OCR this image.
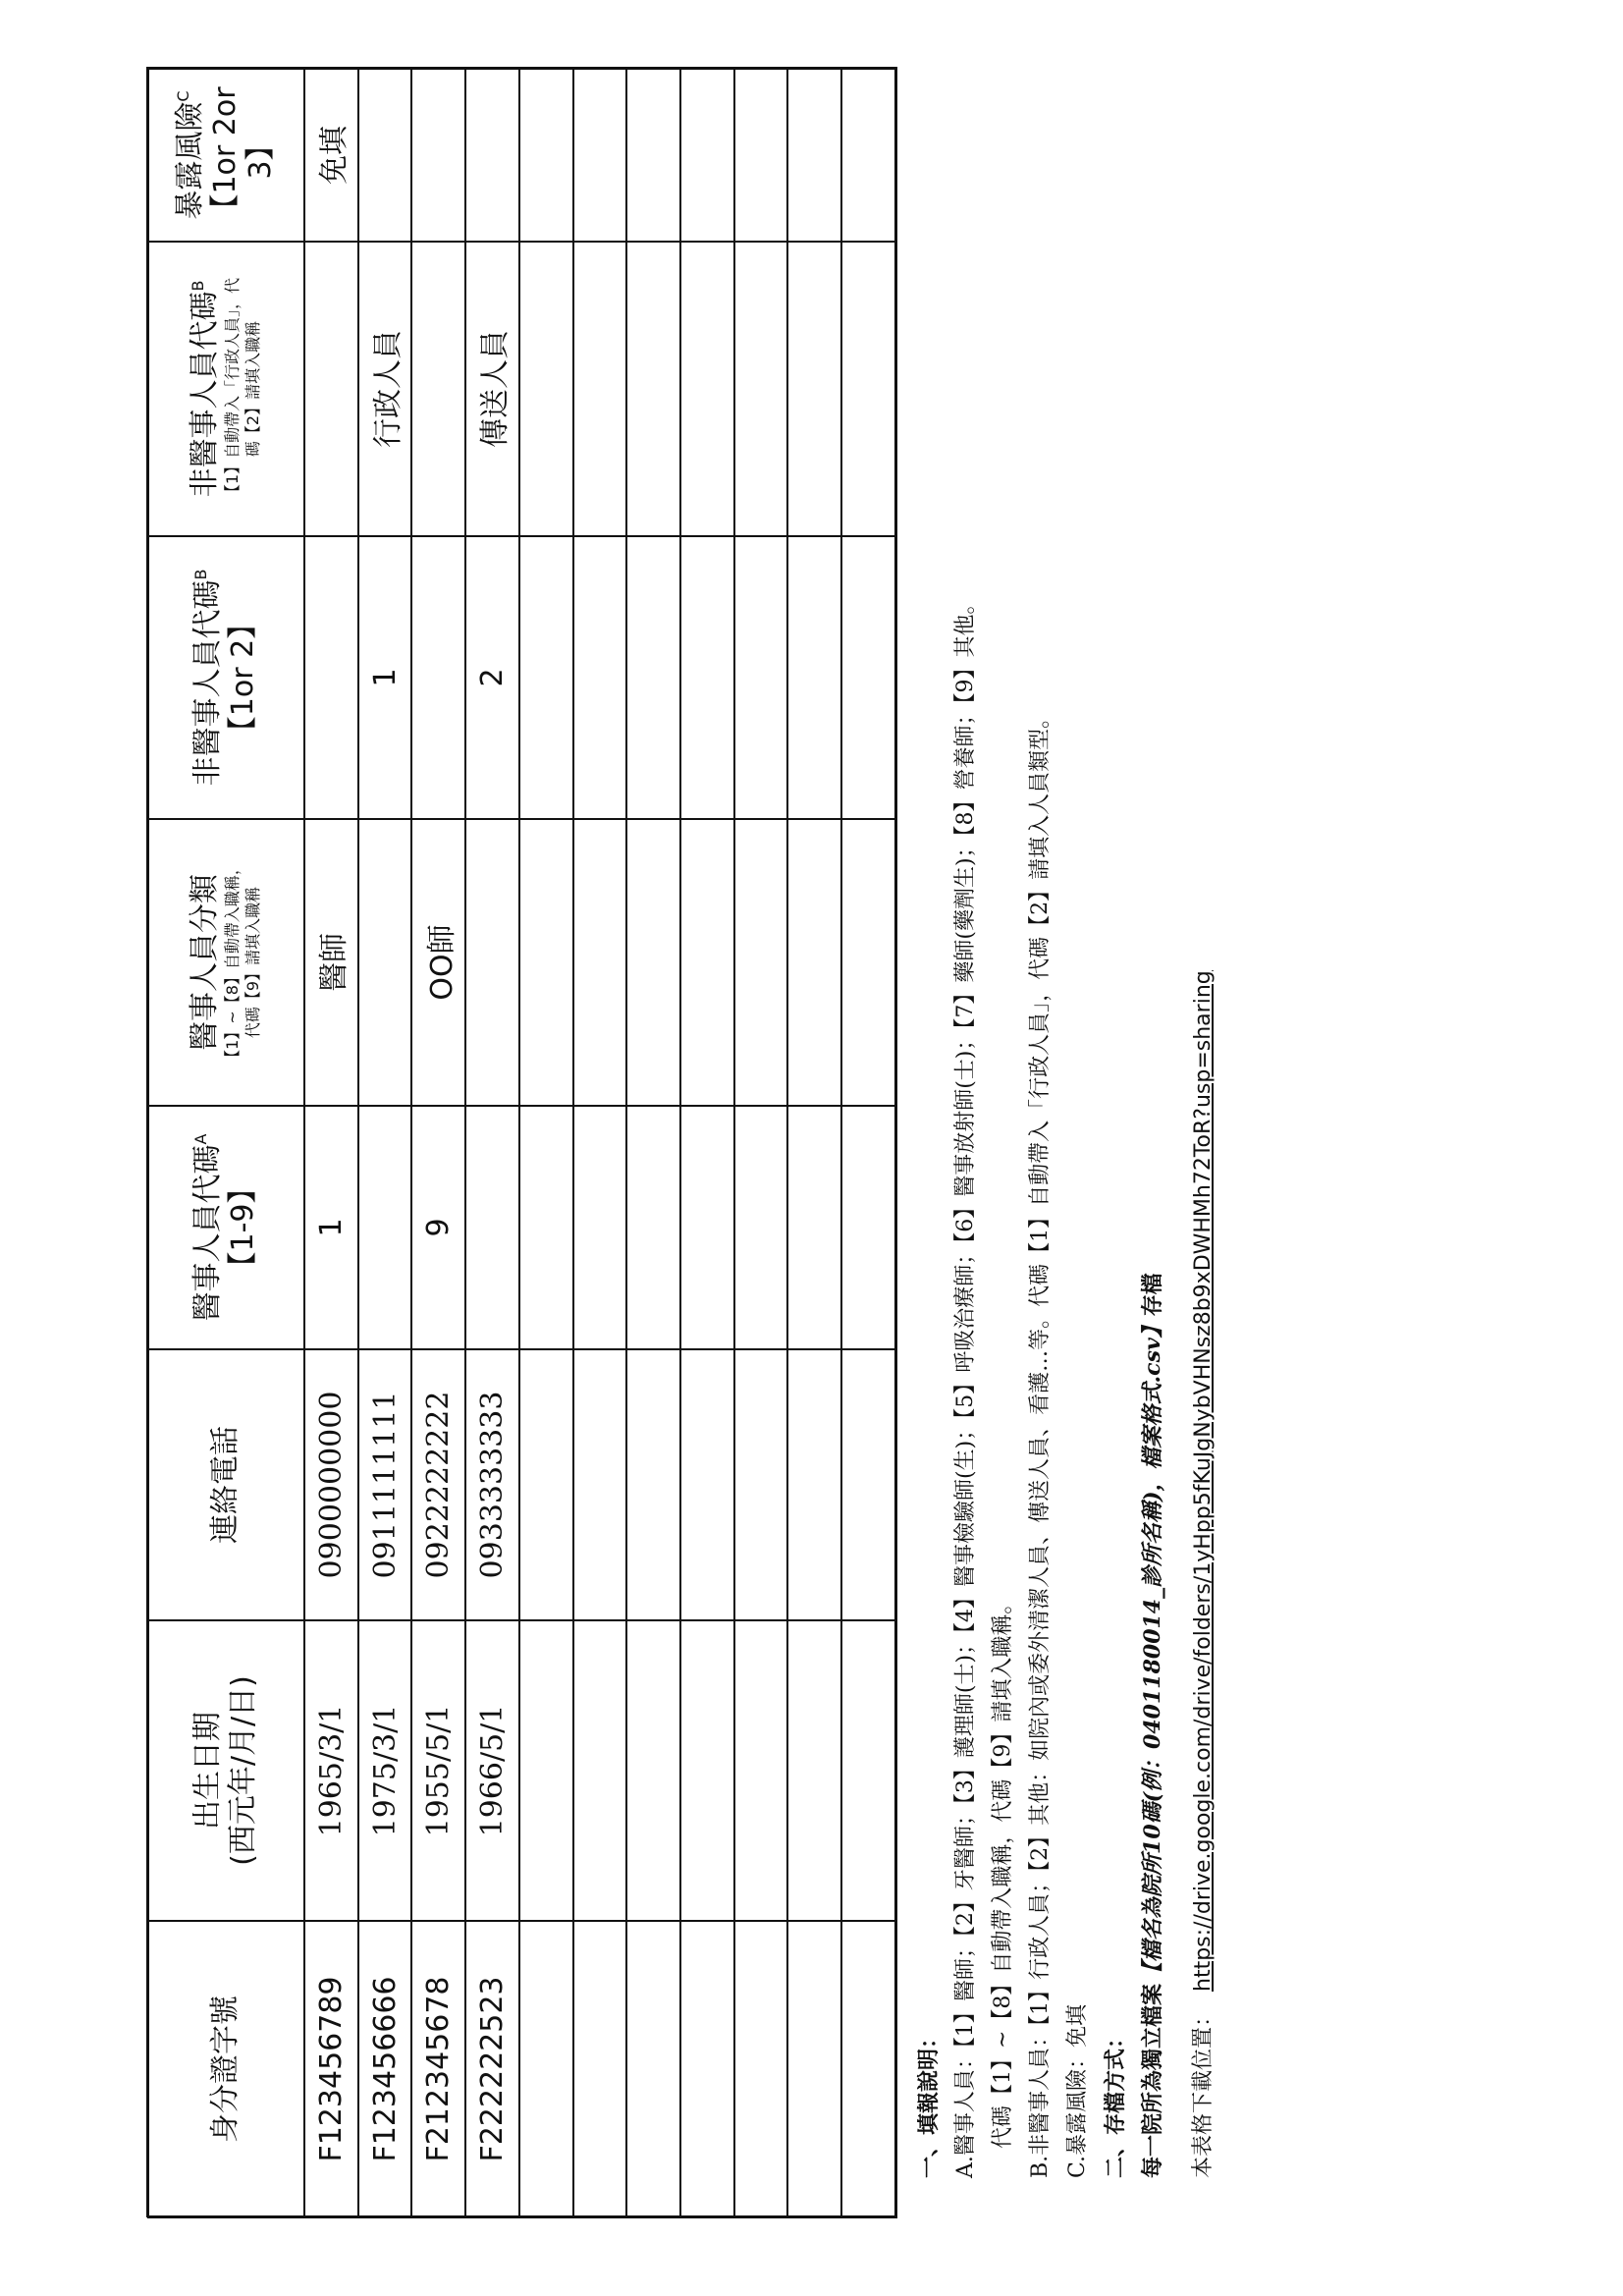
身分證字號
出生日期 (西元年/月/日)
連絡電話
醫事人員代碼$^A$
【1-9】
醫事人員分類 【1】~【8】自動帶入職稱， 代碼【9】請填入職稱
非醫事人員代碼$^B$
【1or 2】
非醫事人員代碼$^B$	【1】自動帶入「行政人員」，代 碼【2】請填入職稱
暴露風險$^C$ 【1or 2or 3】
F123456789
1965/3/1
0900000000
1
醫師
免填
F123456666
1975/3/1
0911111111
1
行政人員
F212345678
1955/5/1
0922222222
9
OO師
F222222523
1966/5/1
0933333333
2
傳送人員
一、填報說明： A.醫事人員：【1】醫師；【2】牙醫師；【3】護理師(士)；【4】醫事檢驗師(生)；【5】呼吸治療師；【6】醫事放射師(士)；【7】藥師(藥劑生)；【8】營養師；【9】其他。 代碼【1】~【8】自動帶入職稱，代碼【9】請填入職稱。 B.非醫事人員：【1】行政人員；【2】其他：如院內或委外清潔人員、傳送人員、看護…等。代碼【1】自動帶入「行政人員」，代碼【2】請填入人員類型。 C.暴露風險：免填 二、存檔方式： 每一院所為獨立檔案【檔名為院所10碼(例：0401180014_診所名稱)，檔案格式.csv】存檔
本表格下載位置：  https://drive.google.com/drive/folders/1yHpp5fKuJgNybVHNsz8b9xDWHMh72ToR?usp=sharing
